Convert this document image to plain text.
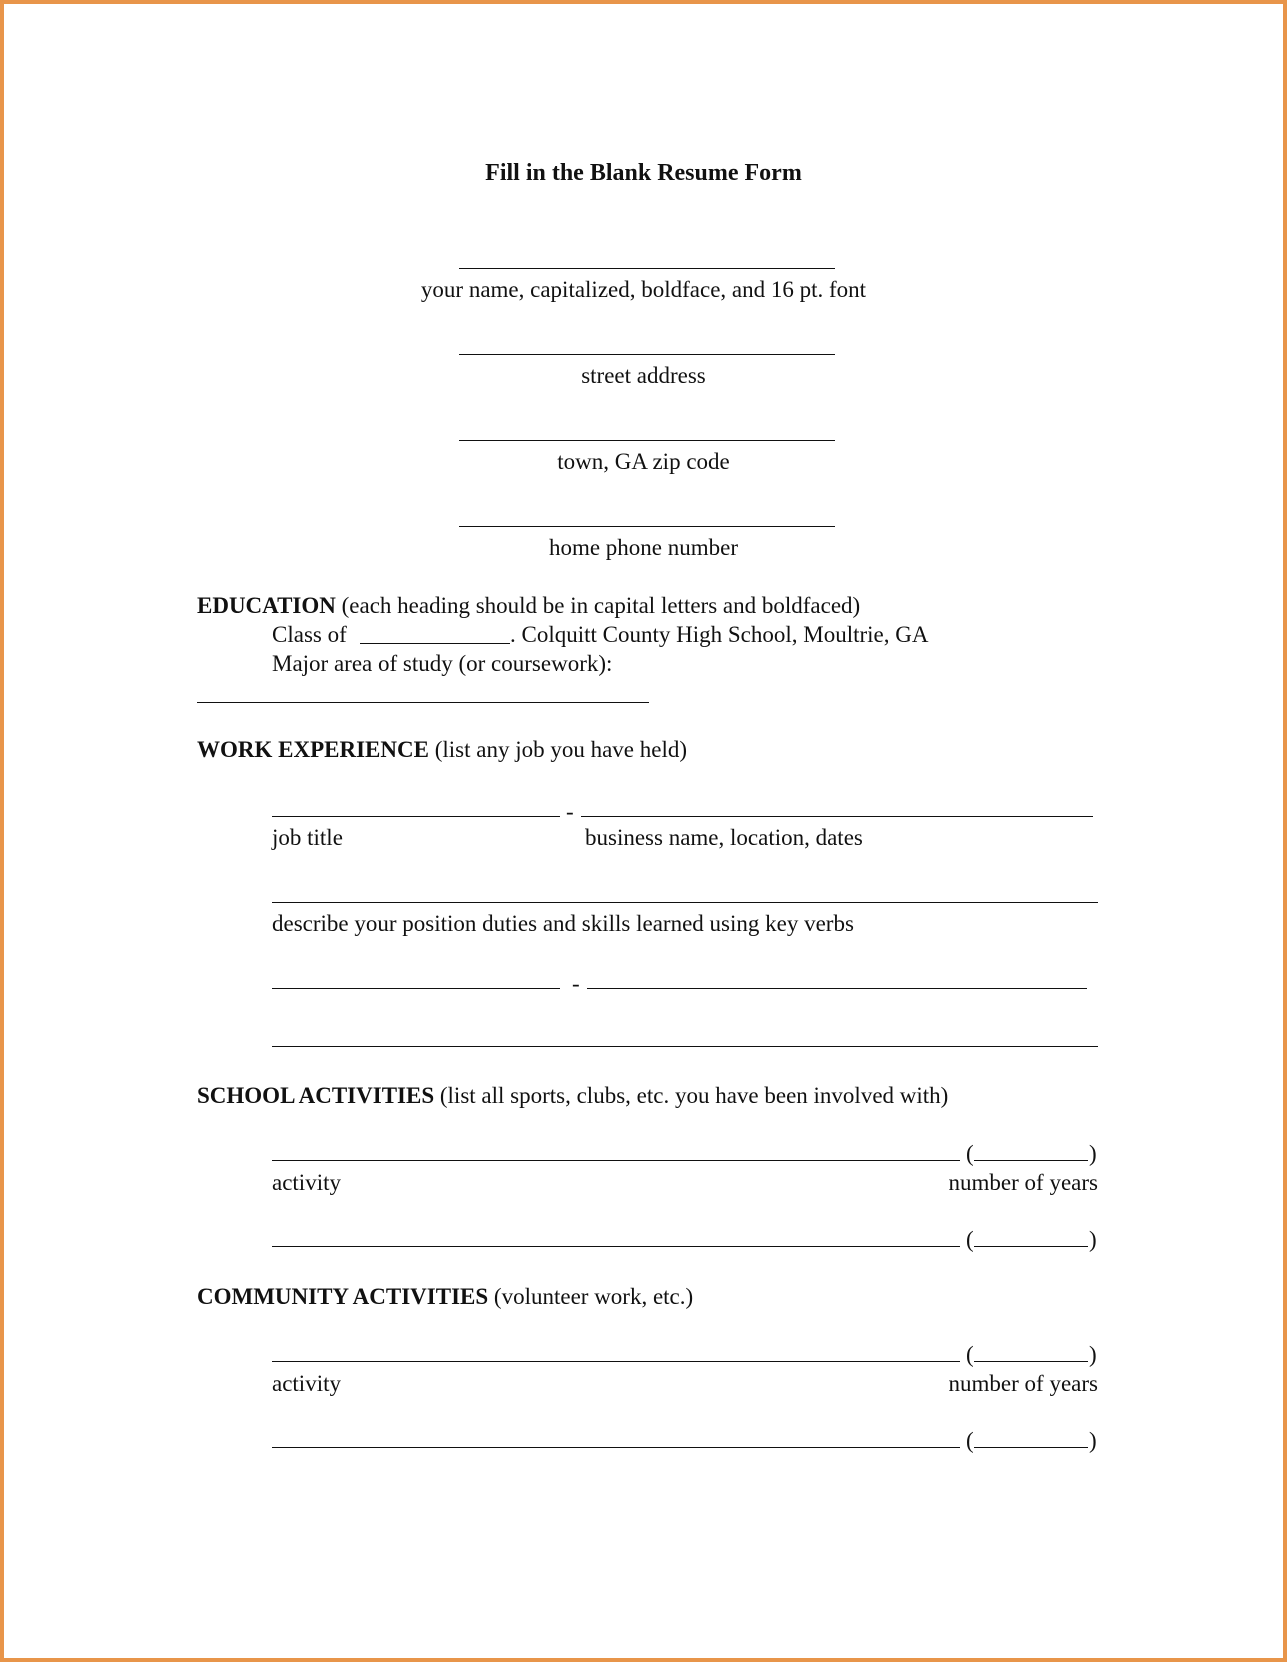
Fill in the Blank Resume Form
your name, capitalized, boldface, and 16 pt. font
street address
town, GA zip code
home phone number
EDUCATION (each heading should be in capital letters and boldfaced)
Class of	. Colquitt County High School, Moultrie, GA
Major area of study (or coursework):
WORK EXPERIENCE (list any job you have held)
-
job title	business name, location, dates
describe your position duties and skills learned using key verbs
-
SCHOOL ACTIVITIES (list all sports, clubs, etc. you have been involved with)
(	)
activity	number of years
(	)
COMMUNITY ACTIVITIES (volunteer work, etc.)
(	)
activity	number of years
(	)
